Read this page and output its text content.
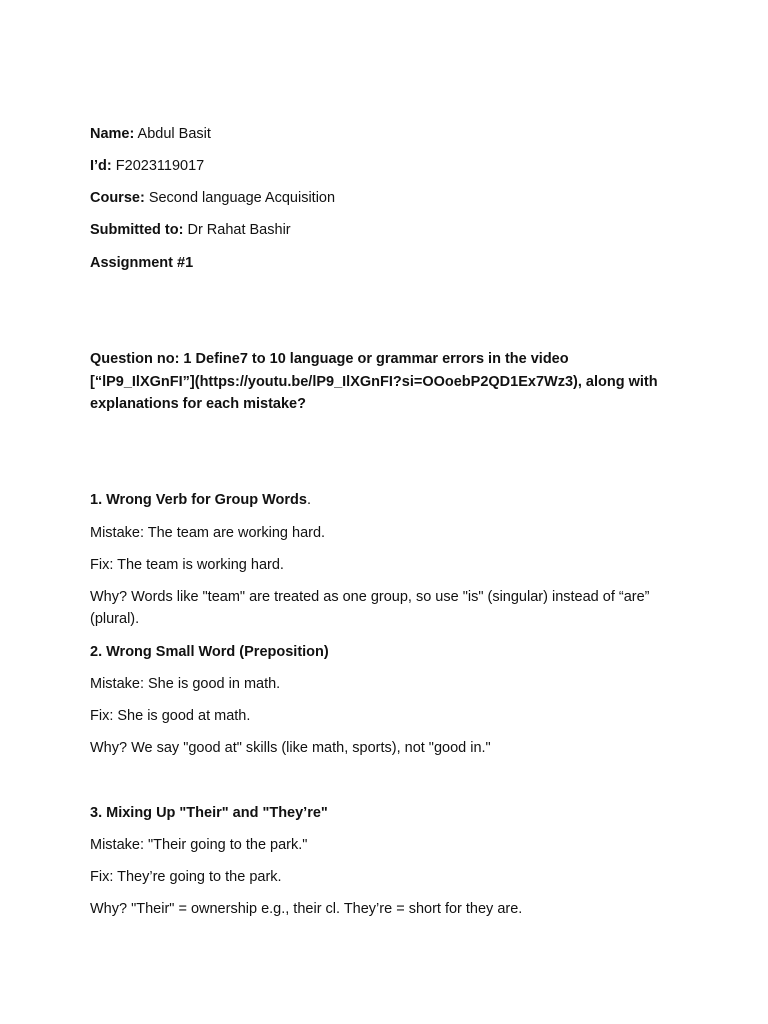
Name: Abdul Basit
I’d: F2023119017
Course: Second language Acquisition
Submitted to: Dr Rahat Bashir
Assignment #1
Question no: 1 Define7 to 10 language or grammar errors in the video
[“lP9_IlXGnFI”](https://youtu.be/lP9_IlXGnFI?si=OOoebP2QD1Ex7Wz3), along with
explanations for each mistake?
1. Wrong Verb for Group Words.
Mistake: The team are working hard.
Fix: The team is working hard.
Why? Words like "team" are treated as one group, so use "is" (singular) instead of “are”
(plural).
2. Wrong Small Word (Preposition)
Mistake: She is good in math.
Fix: She is good at math.
Why? We say "good at" skills (like math, sports), not "good in."
3. Mixing Up "Their" and "They’re"
Mistake: "Their going to the park."
Fix: They’re going to the park.
Why? "Their" = ownership e.g., their cl. They’re = short for they are.
